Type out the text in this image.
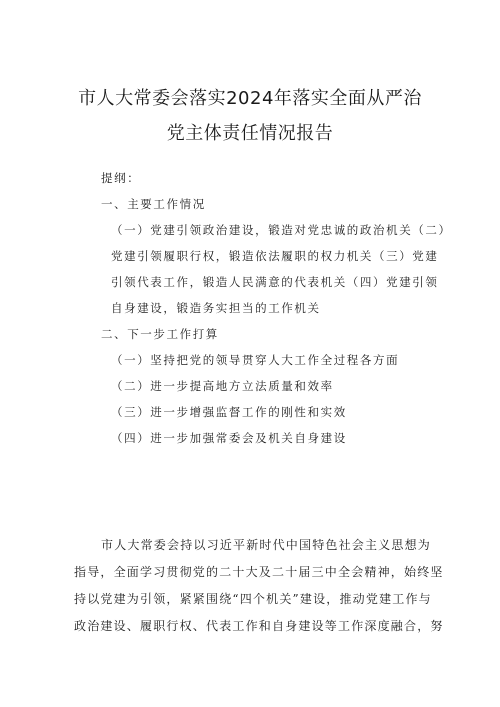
市人大常委会落实2024年落实全面从严治
党主体责任情况报告
提纲：
一、主要工作情况
（一）党建引领政治建设，锻造对党忠诚的政治机关（二）
党建引领履职行权，锻造依法履职的权力机关（三）党建
引领代表工作，锻造人民满意的代表机关（四）党建引领
自身建设，锻造务实担当的工作机关
二、下一步工作打算
（一）坚持把党的领导贯穿人大工作全过程各方面
（二）进一步提高地方立法质量和效率
（三）进一步增强监督工作的刚性和实效
（四）进一步加强常委会及机关自身建设
市人大常委会持以习近平新时代中国特色社会主义思想为
指导，全面学习贯彻党的二十大及二十届三中全会精神，始终坚
持以党建为引领，紧紧围绕“四个机关”建设，推动党建工作与
政治建设、履职行权、代表工作和自身建设等工作深度融合，努
